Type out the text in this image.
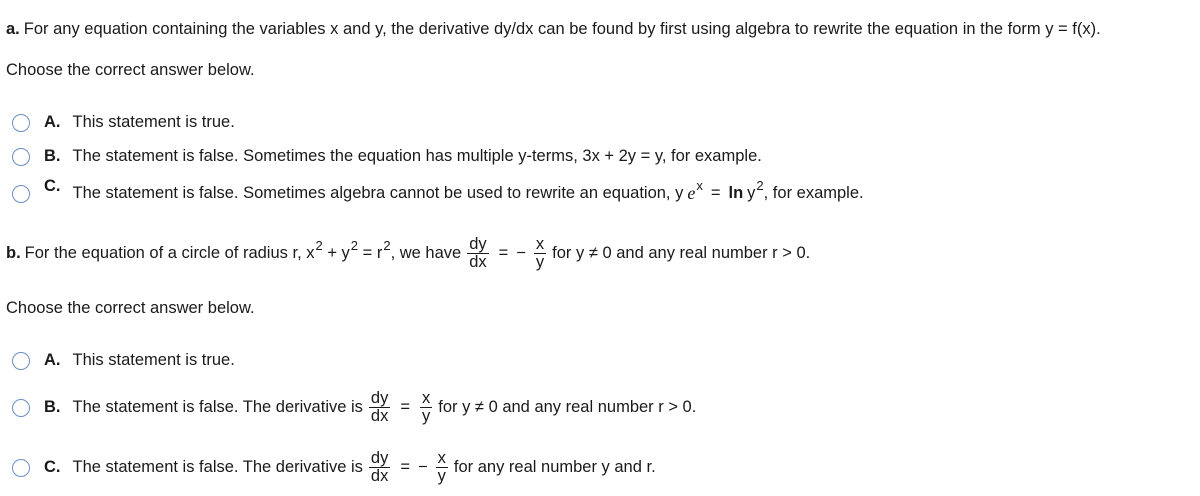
a. For any equation containing the variables x and y, the derivative dy/dx can be found by first using algebra to rewrite the equation in the form y = f(x).
Choose the correct answer below.
A. This statement is true.
B. The statement is false. Sometimes the equation has multiple y-terms, 3x + 2y = y, for example.
C. The statement is false. Sometimes algebra cannot be used to rewrite an equation, y e x = ln y 2 , for example.
b. For the equation of a circle of radius r, x 2 + y 2 = r 2 , we have $\frac{dy}{dx}$ = − $\frac{x}{y}$ for y ≠ 0 and any real number r > 0.
Choose the correct answer below.
A. This statement is true.
B. The statement is false. The derivative is $\frac{dy}{dx} = \frac{x}{y}$ for y ≠ 0 and any real number r > 0.
C. The statement is false. The derivative is $\frac{dy}{dx}$ = − $\frac{x}{y}$ for any real number y and r.
